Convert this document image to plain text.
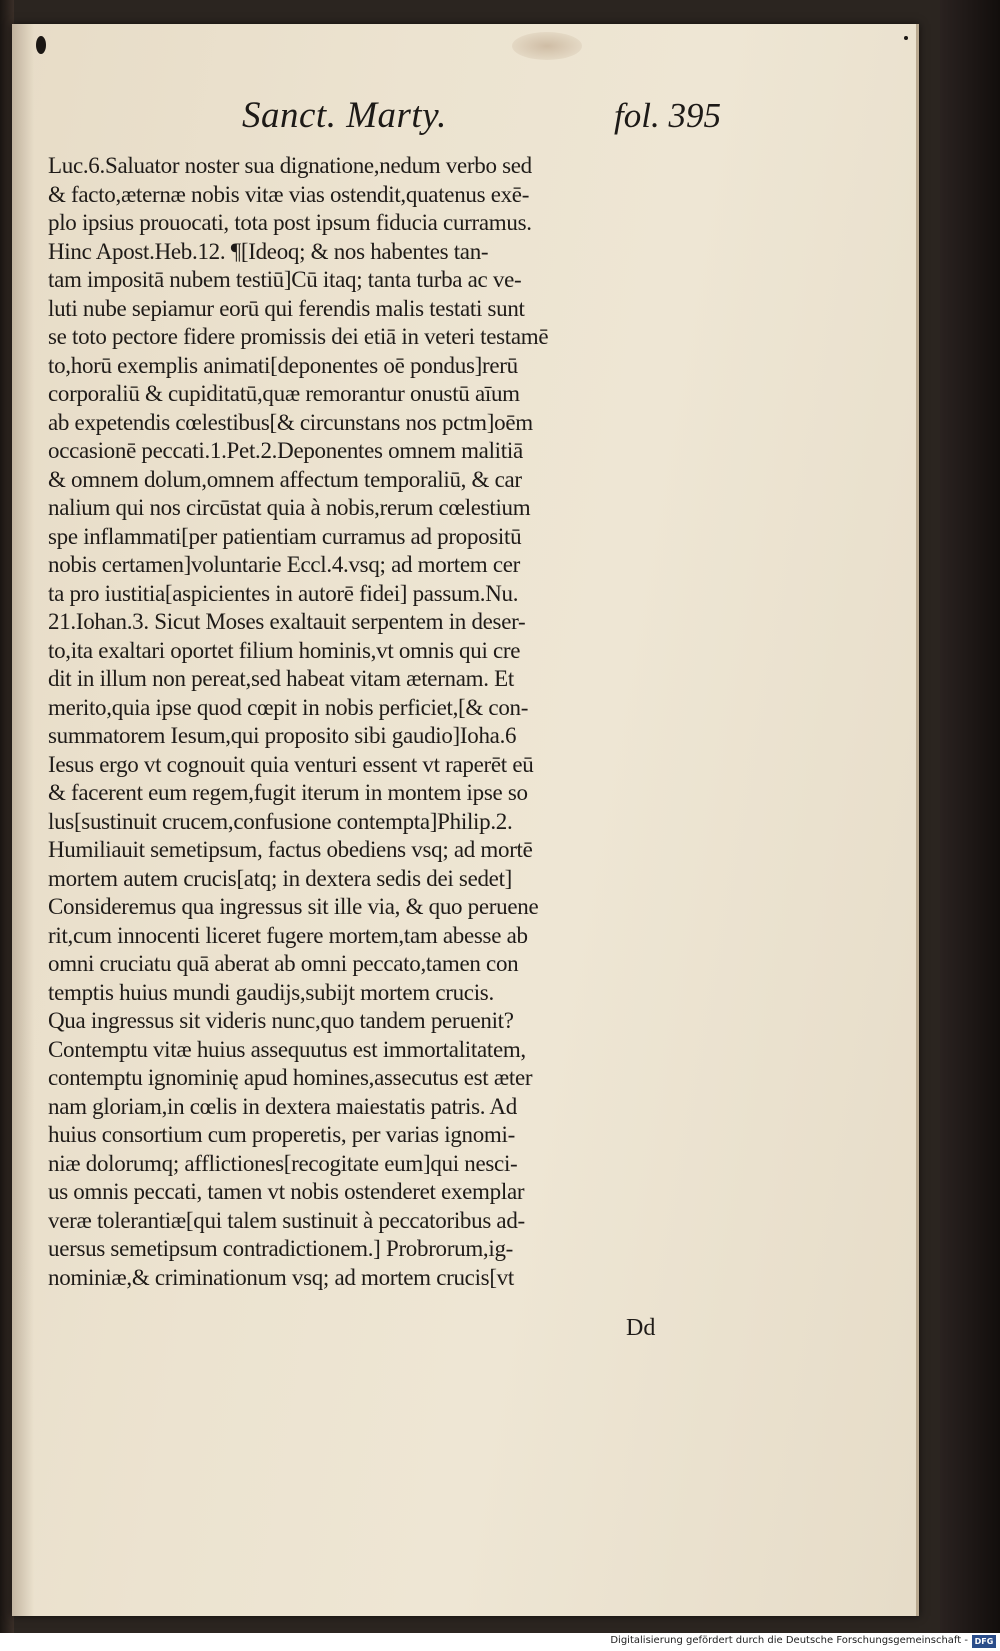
Sanct. Marty.	fol. 395
Luc.6.Saluator noster sua dignatione,nedum verbo sed
& facto,æternæ nobis vitæ vias ostendit,quatenus exē-
plo ipsius prouocati, tota post ipsum fiducia curramus.
Hinc Apost.Heb.12. ¶[Ideoq; & nos habentes tan-
tam impositā nubem testiū]Cū itaq; tanta turba ac ve-
luti nube sepiamur eorū qui ferendis malis testati sunt
se toto pectore fidere promissis dei etiā in veteri testamē
to,horū exemplis animati[deponentes oē pondus]rerū
corporaliū & cupiditatū,quæ remorantur onustū aīum
ab expetendis cœlestibus[& circunstans nos pctm]oēm
occasionē peccati.1.Pet.2.Deponentes omnem malitiā
& omnem dolum,omnem affectum temporaliū, & car
nalium qui nos circūstat quia à nobis,rerum cœlestium
spe inflammati[per patientiam curramus ad propositū
nobis certamen]voluntarie Eccl.4.vsq; ad mortem cer
ta pro iustitia[aspicientes in autorē fidei] passum.Nu.
21.Iohan.3. Sicut Moses exaltauit serpentem in deser-
to,ita exaltari oportet filium hominis,vt omnis qui cre
dit in illum non pereat,sed habeat vitam æternam. Et
merito,quia ipse quod cœpit in nobis perficiet,[& con-
summatorem Iesum,qui proposito sibi gaudio]Ioha.6
Iesus ergo vt cognouit quia venturi essent vt raperēt eū
& facerent eum regem,fugit iterum in montem ipse so
lus[sustinuit crucem,confusione contempta]Philip.2.
Humiliauit semetipsum, factus obediens vsq; ad mortē
mortem autem crucis[atq; in dextera sedis dei sedet]
Consideremus qua ingressus sit ille via, & quo peruene
rit,cum innocenti liceret fugere mortem,tam abesse ab
omni cruciatu quā aberat ab omni peccato,tamen con
temptis huius mundi gaudijs,subijt mortem crucis.
Qua ingressus sit videris nunc,quo tandem peruenit?
Contemptu vitæ huius assequutus est immortalitatem,
contemptu ignominię apud homines,assecutus est æter
nam gloriam,in cœlis in dextera maiestatis patris. Ad
huius consortium cum properetis, per varias ignomi-
niæ dolorumq; afflictiones[recogitate eum]qui nesci-
us omnis peccati, tamen vt nobis ostenderet exemplar
veræ tolerantiæ[qui talem sustinuit à peccatoribus ad-
uersus semetipsum contradictionem.] Probrorum,ig-
nominiæ,& criminationum vsq; ad mortem crucis[vt
Dd
Digitalisierung gefördert durch die Deutsche Forschungsgemeinschaft - DFG
